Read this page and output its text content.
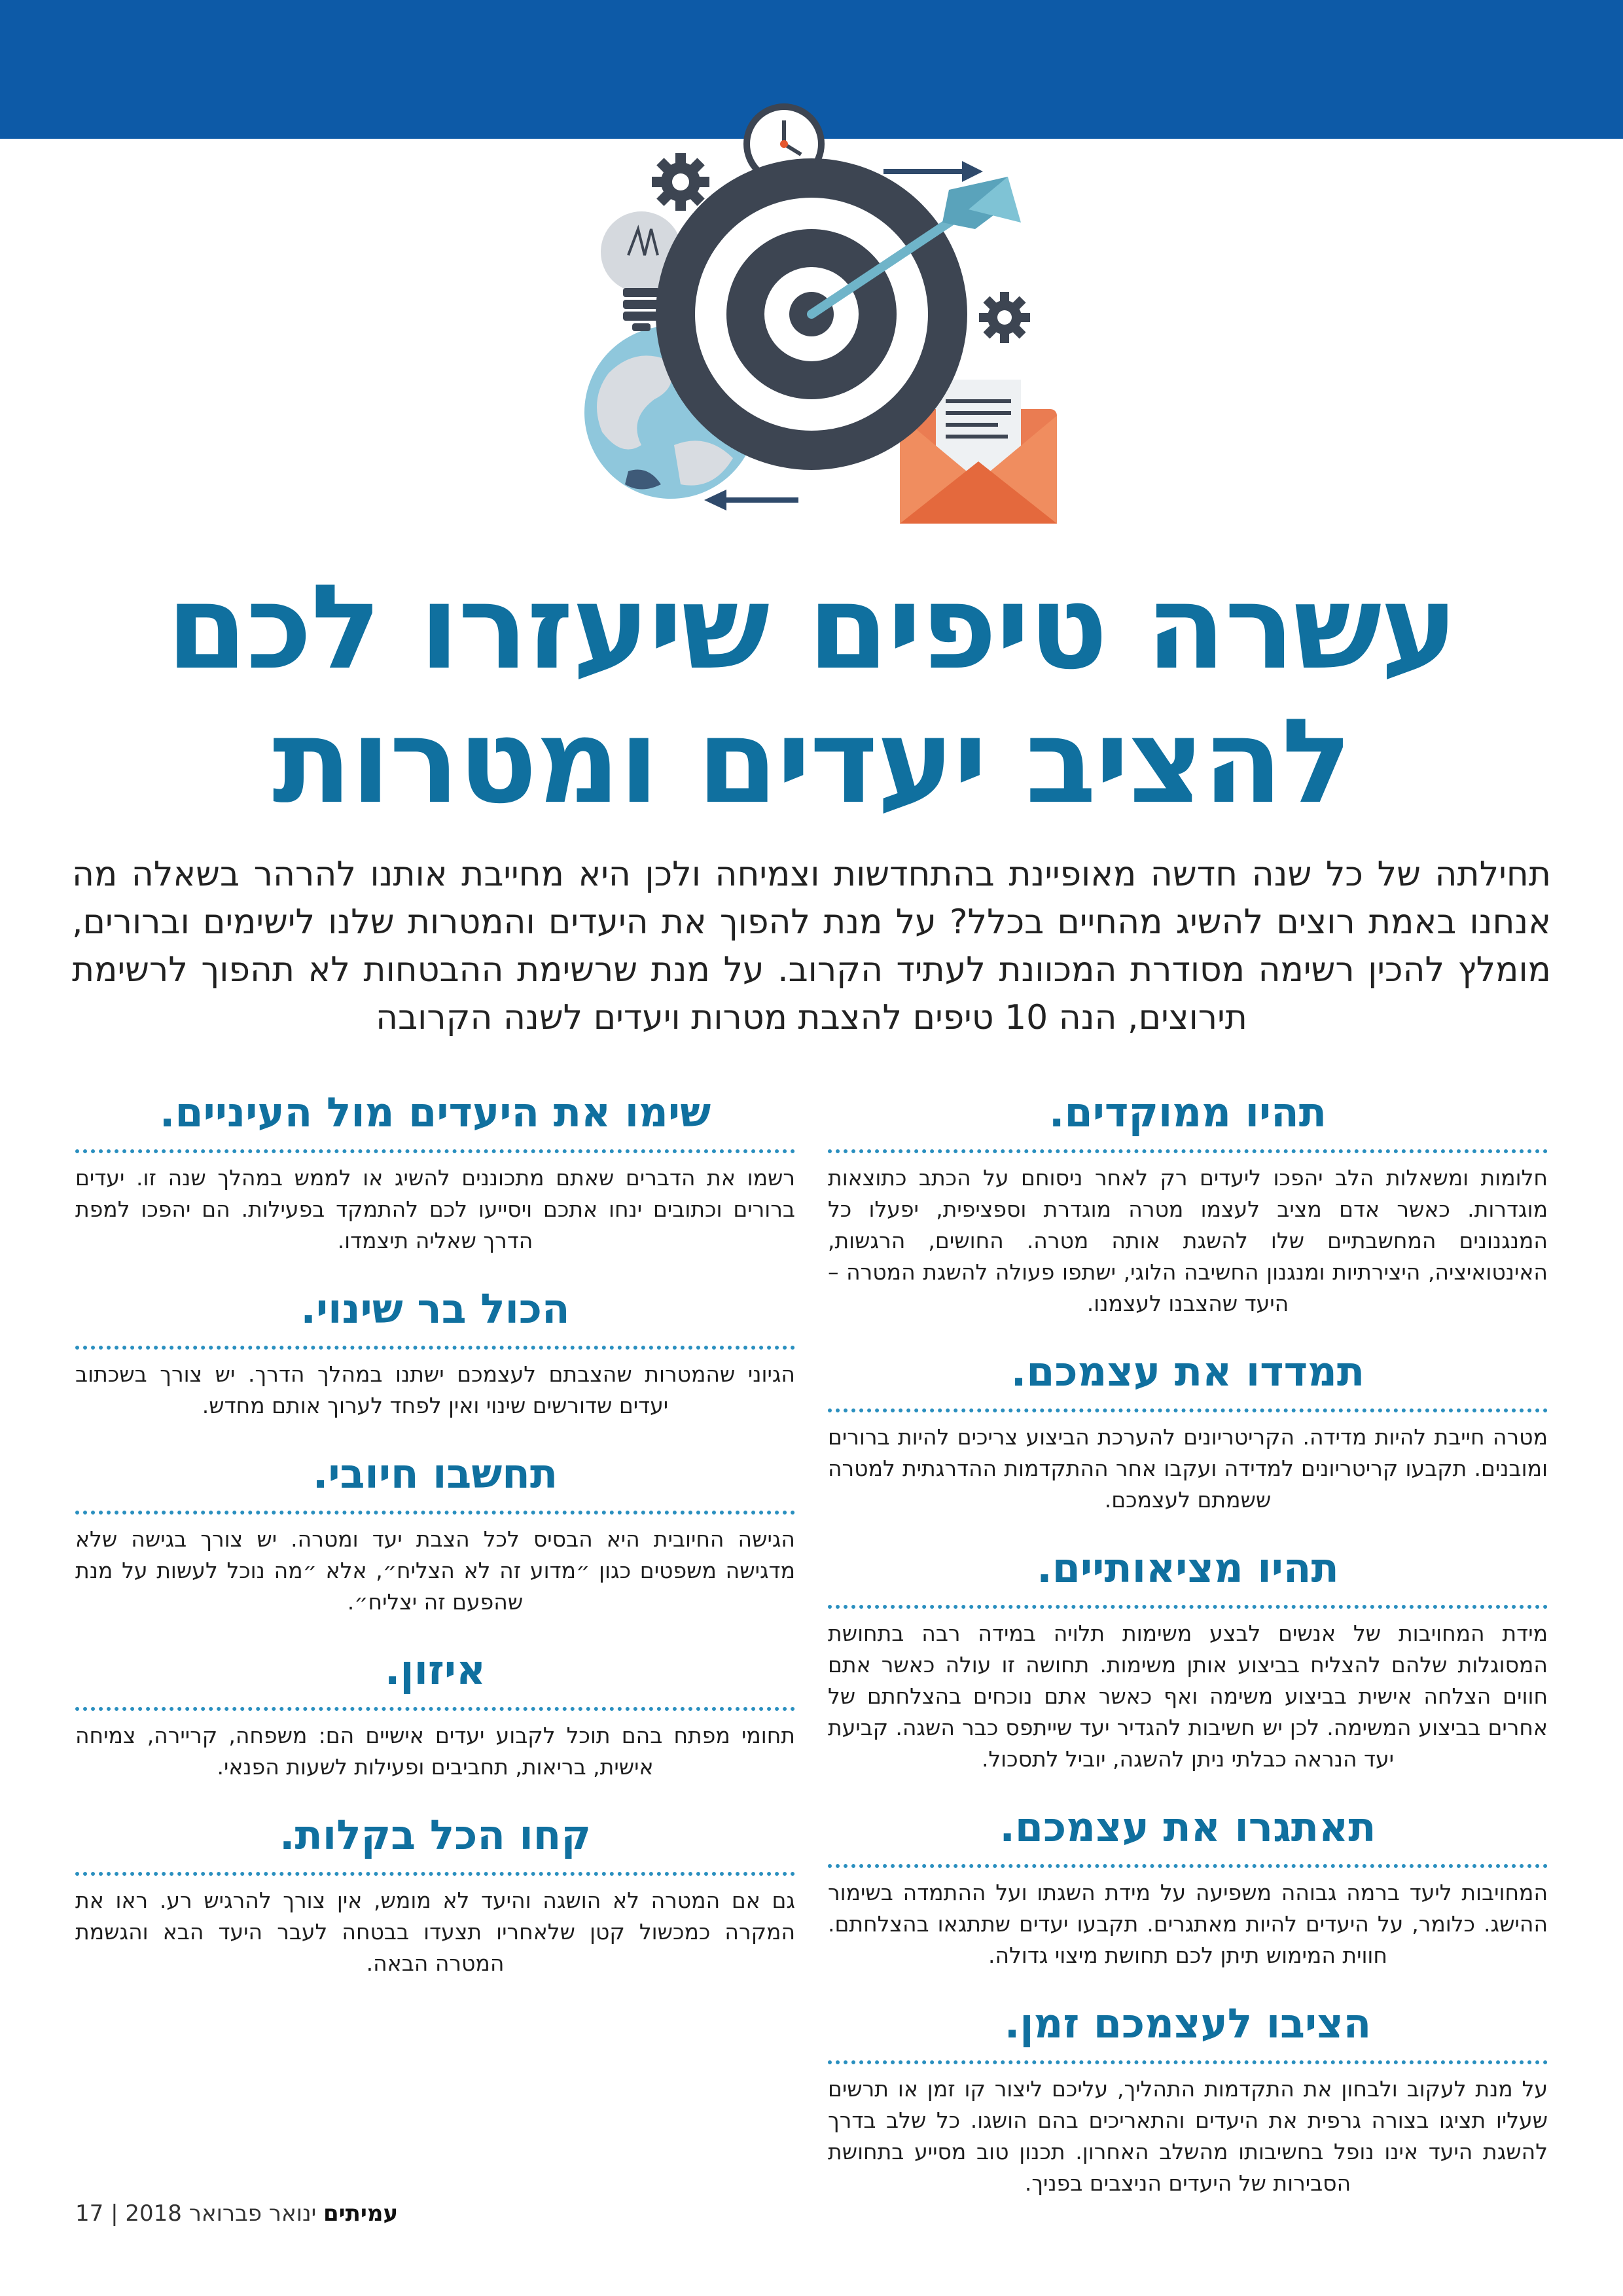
עשרה טיפים שיעזרו לכם
להציב יעדים ומטרות

תחילתה של כל שנה חדשה מאופיינת בהתחדשות וצמיחה ולכן היא מחייבת אותנו להרהר בשאלה מה אנחנו באמת רוצים להשיג מהחיים בכלל? על מנת להפוך את היעדים והמטרות שלנו לישימים וברורים, מומלץ להכין רשימה מסודרת המכוונת לעתיד הקרוב. על מנת שרשימת ההבטחות לא תהפוך לרשימת תירוצים, הנה 10 טיפים להצבת מטרות ויעדים לשנה הקרובה

תהיו ממוקדים.

חלומות ומשאלות הלב יהפכו ליעדים רק לאחר ניסוחם על הכתב כתוצאות מוגדרות. כאשר אדם מציב לעצמו מטרה מוגדרת וספציפית, יפעלו כל המנגנונים המחשבתיים שלו להשגת אותה מטרה. החושים, הרגשות, האינטואיציה, היצירתיות ומנגנון החשיבה הלוגי, ישתפו פעולה להשגת המטרה – היעד שהצבנו לעצמנו.

תמדדו את עצמכם.

מטרה חייבת להיות מדידה. הקריטריונים להערכת הביצוע צריכים להיות ברורים ומובנים. תקבעו קריטריונים למדידה ועקבו אחר ההתקדמות ההדרגתית למטרה ששמתם לעצמכם.

תהיו מציאותיים.

מידת המחויבות של אנשים לבצע משימות תלויה במידה רבה בתחושת המסוגלות שלהם להצליח בביצוע אותן משימות. תחושה זו עולה כאשר אתם חווים הצלחה אישית בביצוע משימה ואף כאשר אתם נוכחים בהצלחתם של אחרים בביצוע המשימה. לכן יש חשיבות להגדיר יעד שייתפס כבר השגה. קביעת יעד הנראה כבלתי ניתן להשגה, יוביל לתסכול.

תאתגרו את עצמכם.

המחויבות ליעד ברמה גבוהה משפיעה על מידת השגתו ועל ההתמדה בשימור ההישג. כלומר, על היעדים להיות מאתגרים. תקבעו יעדים שתתגאו בהצלחתם. חווית המימוש תיתן לכם תחושת מיצוי גדולה.

הציבו לעצמכם זמן.

על מנת לעקוב ולבחון את התקדמות התהליך, עליכם ליצור קו זמן או תרשים שעליו תציגו בצורה גרפית את היעדים והתאריכים בהם הושגו. כל שלב בדרך להשגת היעד אינו נופל בחשיבותו מהשלב האחרון. תכנון טוב מסייע בתחושת הסבירות של היעדים הניצבים בפניך.

שימו את היעדים מול העיניים.

רשמו את הדברים שאתם מתכוננים להשיג או לממש במהלך שנה זו. יעדים ברורים וכתובים ינחו אתכם ויסייעו לכם להתמקד בפעילות. הם יהפכו למפת הדרך שאליה תיצמדו.

הכול בר שינוי.

הגיוני שהמטרות שהצבתם לעצמכם ישתנו במהלך הדרך. יש צורך בשכתוב יעדים שדורשים שינוי ואין לפחד לערוך אותם מחדש.

תחשבו חיובי.

הגישה החיובית היא הבסיס לכל הצבת יעד ומטרה. יש צורך בגישה שלא מדגישה משפטים כגון ״מדוע זה לא הצליח״, אלא ״מה נוכל לעשות על מנת שהפעם זה יצליח״.

איזון.

תחומי מפתח בהם תוכל לקבוע יעדים אישיים הם: משפחה, קריירה, צמיחה אישית, בריאות, תחביבים ופעילות לשעות הפנאי.

קחו הכל בקלות.

גם אם המטרה לא הושגה והיעד לא מומש, אין צורך להרגיש רע. ראו את המקרה כמכשול קטן שלאחריו תצעדו בבטחה לעבר היעד הבא והגשמת המטרה הבאה.

17 |	עמיתים ינואר פברואר 2018
